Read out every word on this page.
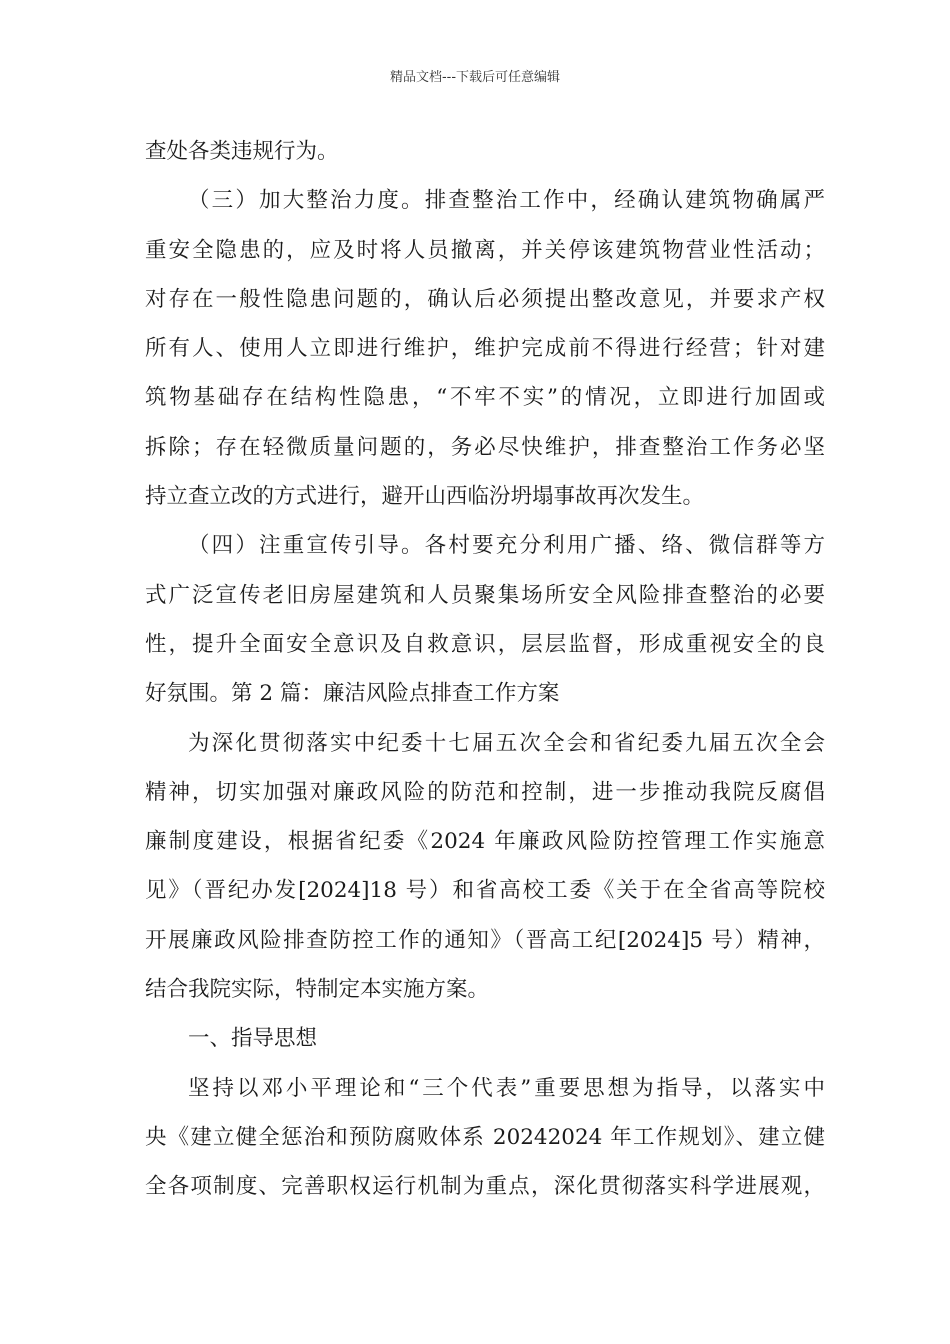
精品文档---下载后可任意编辑
查处各类违规行为。
（三）加大整治力度。排查整治工作中，经确认建筑物确属严
重安全隐患的，应及时将人员撤离，并关停该建筑物营业性活动；
对存在一般性隐患问题的，确认后必须提出整改意见，并要求产权
所有人、使用人立即进行维护，维护完成前不得进行经营；针对建
筑物基础存在结构性隐患，“不牢不实”的情况，立即进行加固或
拆除；存在轻微质量问题的，务必尽快维护，排查整治工作务必坚
持立查立改的方式进行，避开山西临汾坍塌事故再次发生。
（四）注重宣传引导。各村要充分利用广播、络、微信群等方
式广泛宣传老旧房屋建筑和人员聚集场所安全风险排查整治的必要
性，提升全面安全意识及自救意识，层层监督，形成重视安全的良
好氛围。第 2 篇：廉洁风险点排查工作方案
为深化贯彻落实中纪委十七届五次全会和省纪委九届五次全会
精神，切实加强对廉政风险的防范和控制，进一步推动我院反腐倡
廉制度建设，根据省纪委《2024 年廉政风险防控管理工作实施意
见》（晋纪办发[2024]18 号）和省高校工委《关于在全省高等院校
开展廉政风险排查防控工作的通知》（晋高工纪[2024]5 号）精神，
结合我院实际，特制定本实施方案。
一、指导思想
坚持以邓小平理论和“三个代表”重要思想为指导，以落实中
央《建立健全惩治和预防腐败体系 20242024 年工作规划》、建立健
全各项制度、完善职权运行机制为重点，深化贯彻落实科学进展观，
